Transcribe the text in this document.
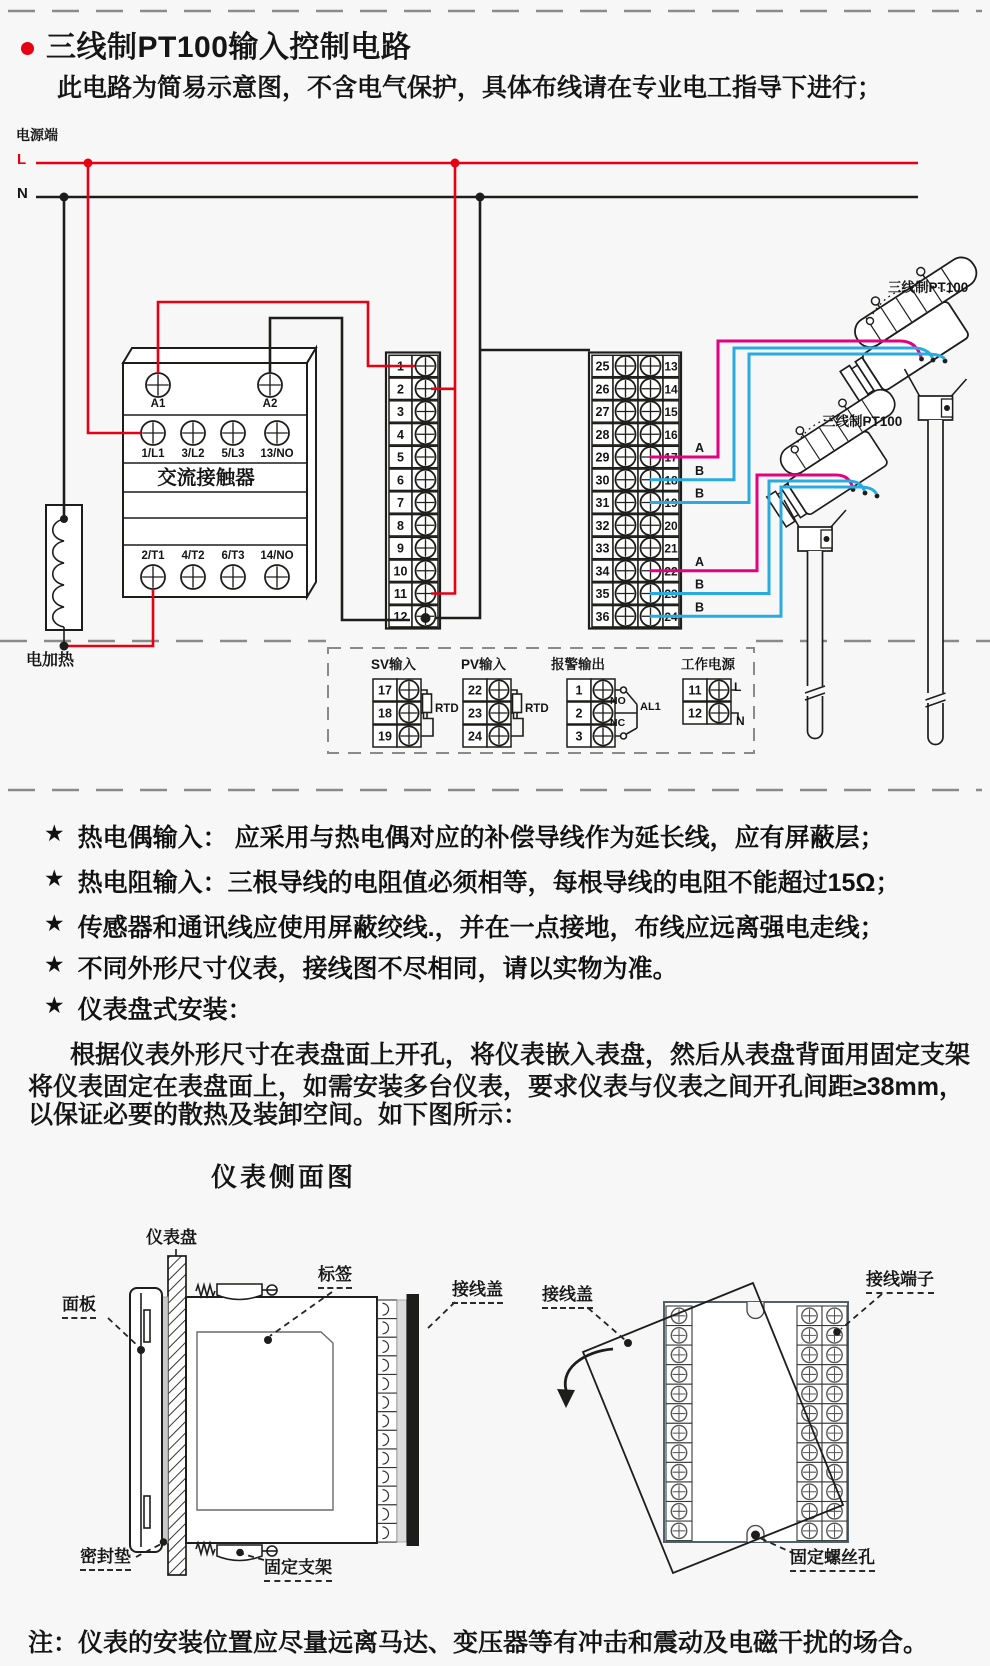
A1	A2
1/L1 3/L2 5/L3 13/NO
2/T1 4/T2 6/T3 14/NO
1
2
3
4
5
6
7
8
9
10
11
12
25	13
26	14
27	15
28	16
29	17
30	18
31	19
32	20
33	21
34	22
35	23
36	24
17
18
19
22
23
24
1
2
3
11
12
A
B
B
A
B
B
三线制PT100输入控制电路
此电路为简易示意图，不含电气保护，具体布线请在专业电工指导下进行；
电源端
L
N
电加热
交流接触器
三线制PT100
三线制PT100
SV输入	PV输入	报警输出	工作电源
RTD	RTD
NO
NC
AL1
L
N
★ 热电偶输入： 应采用与热电偶对应的补偿导线作为延长线，应有屏蔽层；
★ 热电阻输入：三根导线的电阻值必须相等，每根导线的电阻不能超过15Ω；
★ 传感器和通讯线应使用屏蔽绞线.，并在一点接地，布线应远离强电走线；
★ 不同外形尺寸仪表，接线图不尽相同，请以实物为准。
★ 仪表盘式安装：
根据仪表外形尺寸在表盘面上开孔，将仪表嵌入表盘，然后从表盘背面用固定支架
将仪表固定在表盘面上，如需安装多台仪表，要求仪表与仪表之间开孔间距≥38mm，
以保证必要的散热及装卸空间。如下图所示：
仪表侧面图
仪表盘
面板
标签
接线盖
密封垫
固定支架
接线盖
接线端子
固定螺丝孔
注：仪表的安装位置应尽量远离马达、变压器等有冲击和震动及电磁干扰的场合。
